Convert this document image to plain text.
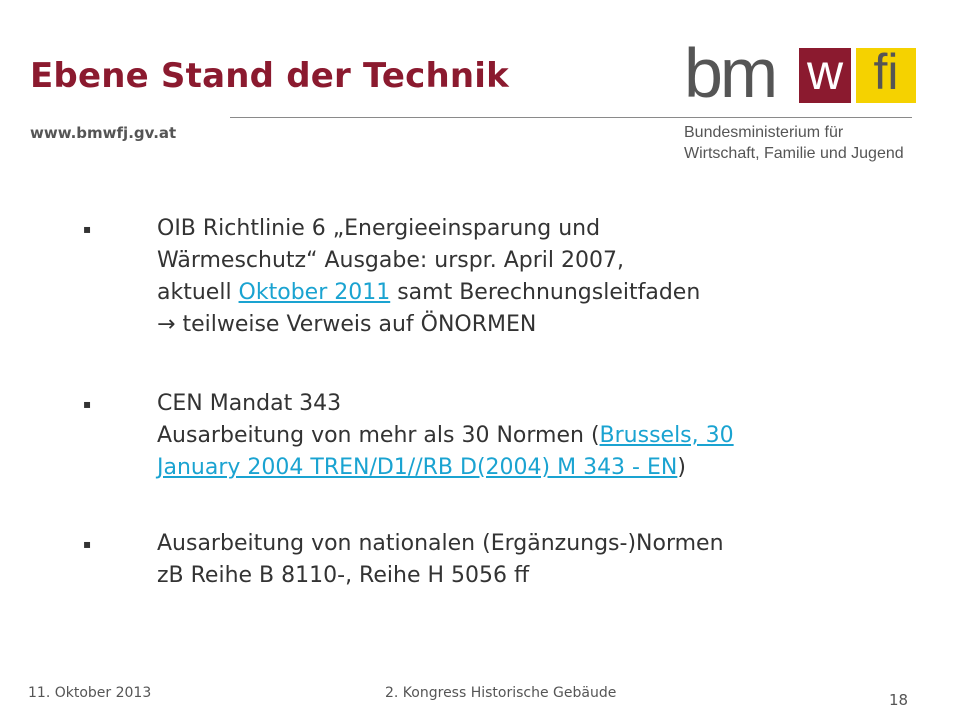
Ebene Stand der Technik
www.bmwfj.gv.at
bm w fi
Bundesministerium für
Wirtschaft, Familie und Jugend
▪	OIB Richtlinie 6 „Energieeinsparung und
Wärmeschutz“ Ausgabe: urspr. April 2007,
aktuell Oktober 2011 samt Berechnungsleitfaden
→ teilweise Verweis auf ÖNORMEN
▪	CEN Mandat 343
Ausarbeitung von mehr als 30 Normen (Brussels, 30
January 2004 TREN/D1//RB D(2004) M 343 - EN)
▪	Ausarbeitung von nationalen (Ergänzungs-)Normen
zB Reihe B 8110-, Reihe H 5056 ff
11. Oktober 2013	2. Kongress Historische Gebäude	18
